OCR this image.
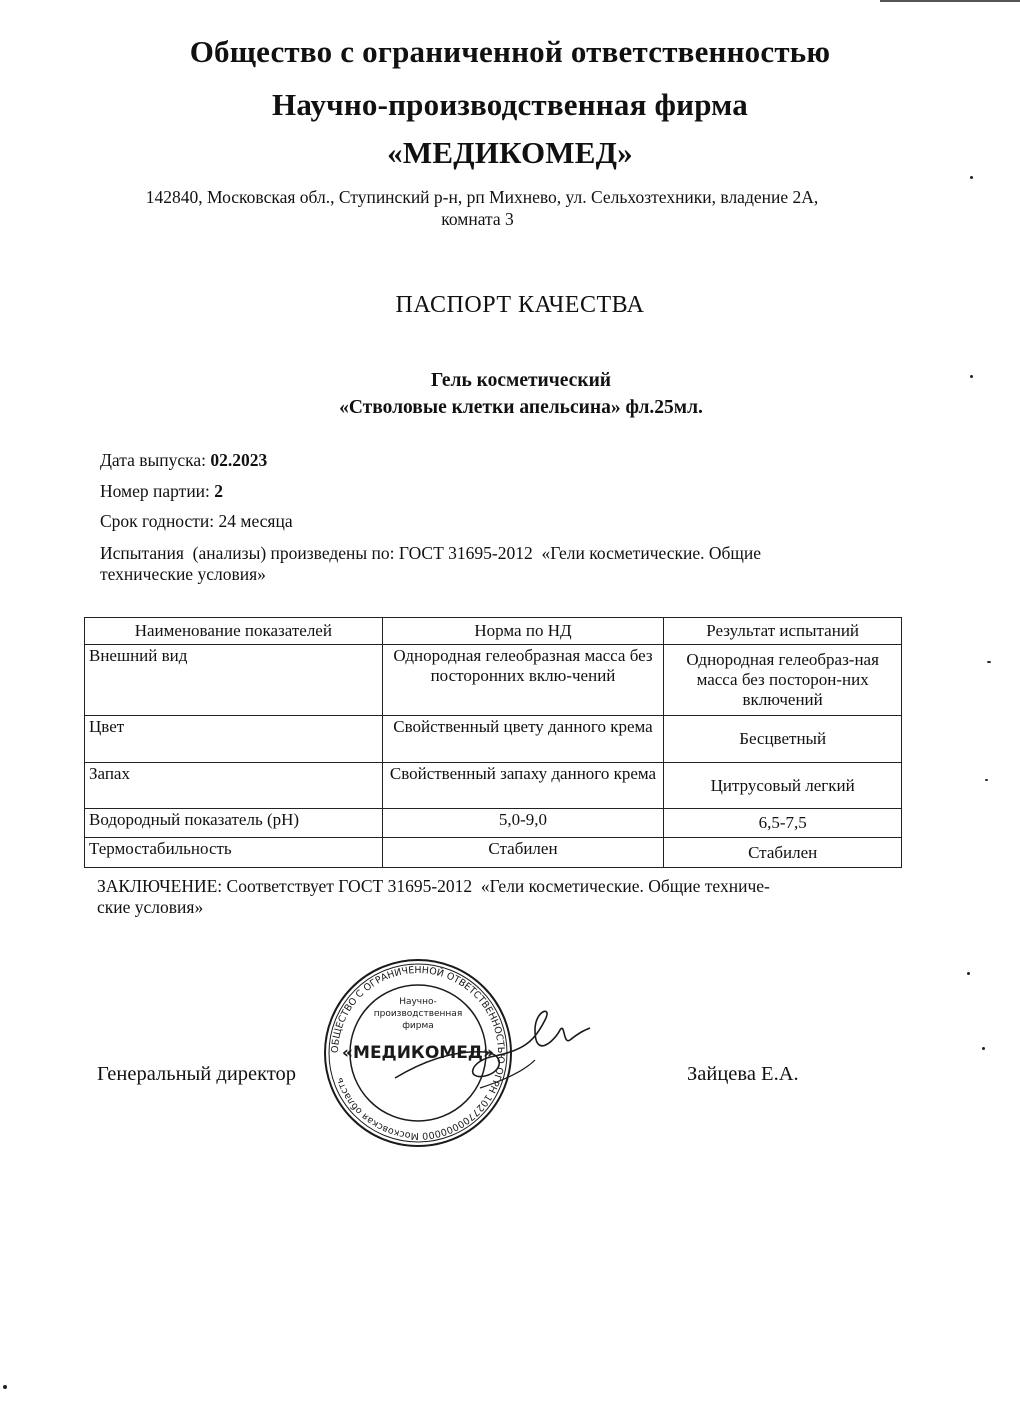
Общество с ограниченной ответственностью
Научно-производственная фирма
«МЕДИКОМЕД»
142840, Московская обл., Ступинский р-н, рп Михнево, ул. Сельхозтехники, владение 2А,
комната 3
ПАСПОРТ КАЧЕСТВА
Гель косметический
«Стволовые клетки апельсина» фл.25мл.
Дата выпуска: 02.2023
Номер партии: 2
Срок годности: 24 месяца
Испытания  (анализы) произведены по: ГОСТ 31695-2012  «Гели косметические. Общие
технические условия»
Наименование показателей	Норма по НД	Результат испытаний
Внешний вид	Однородная гелеобразная масса без посторонних вклю-чений	Однородная гелеобраз-ная масса без посторон-них включений
Цвет	Свойственный цвету данного крема	Бесцветный
Запах	Свойственный запаху данного крема	Цитрусовый легкий
Водородный показатель (рН)	5,0-9,0	6,5-7,5
Термостабильность	Стабилен	Стабилен
ЗАКЛЮЧЕНИЕ: Соответствует ГОСТ 31695-2012  «Гели косметические. Общие техниче-
ские условия»
Генеральный директор	Зайцева Е.А.
ОБЩЕСТВО С ОГРАНИЧЕННОЙ ОТВЕТСТВЕННОСТЬЮ ОГРН 1027700000000 Московская область
Научно-
производственная
фирма
«МЕДИКОМЕД»
